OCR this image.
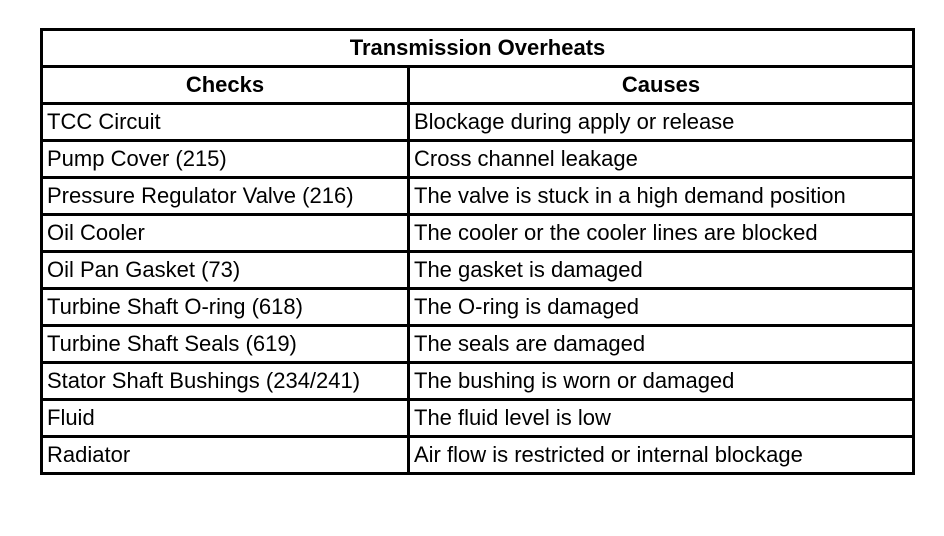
Transmission Overheats	
Checks	Causes
TCC Circuit	Blockage during apply or release
Pump Cover (215)	Cross channel leakage
Pressure Regulator Valve (216)	The valve is stuck in a high demand position
Oil Cooler	The cooler or the cooler lines are blocked
Oil Pan Gasket (73)	The gasket is damaged
Turbine Shaft O-ring (618)	The O-ring is damaged
Turbine Shaft Seals (619)	The seals are damaged
Stator Shaft Bushings (234/241)	The bushing is worn or damaged
Fluid	The fluid level is low
Radiator	Air flow is restricted or internal blockage
